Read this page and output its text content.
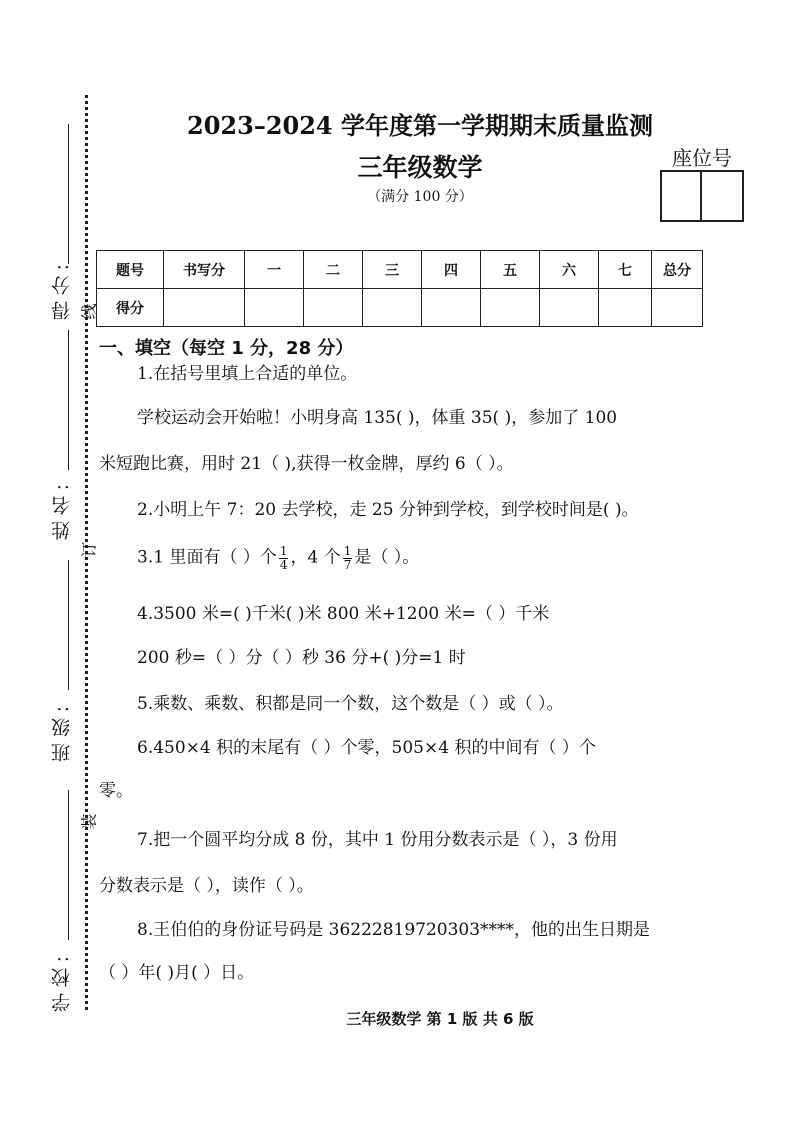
得分:
姓名:
班级:
学校:
线
订
装
2023–2024 学年度第一学期期末质量监测
三年级数学
（满分 100 分）
座位号
题号	书写分	一	二	三	四	五	六	七	总分
得分									
一、填空（每空 1 分，28 分）
1.在括号里填上合适的单位。
学校运动会开始啦！小明身高 135( )，体重 35( )，参加了 100
米短跑比赛，用时 21（ ),获得一枚金牌，厚约 6（ ）。
2.小明上午 7：20 去学校，走 25 分钟到学校，到学校时间是( )。
3.1 里面有（ ）个 $\frac{1}{4}$ ，4 个 $\frac{1}{7}$ 是（ ）。
4.3500 米=( )千米( )米 800 米+1200 米=（ ）千米
200 秒=（ ）分（ ）秒 36 分+( )分=1 时
5.乘数、乘数、积都是同一个数，这个数是（ ）或（ ）。
6.450×4 积的末尾有（ ）个零，505×4 积的中间有（ ）个
零。
7.把一个圆平均分成 8 份，其中 1 份用分数表示是（ ），3 份用
分数表示是（ ），读作（ ）。
8.王伯伯的身份证号码是 36222819720303****，他的出生日期是
（ ）年( )月( ）日。
三年级数学 第 1 版 共 6 版
